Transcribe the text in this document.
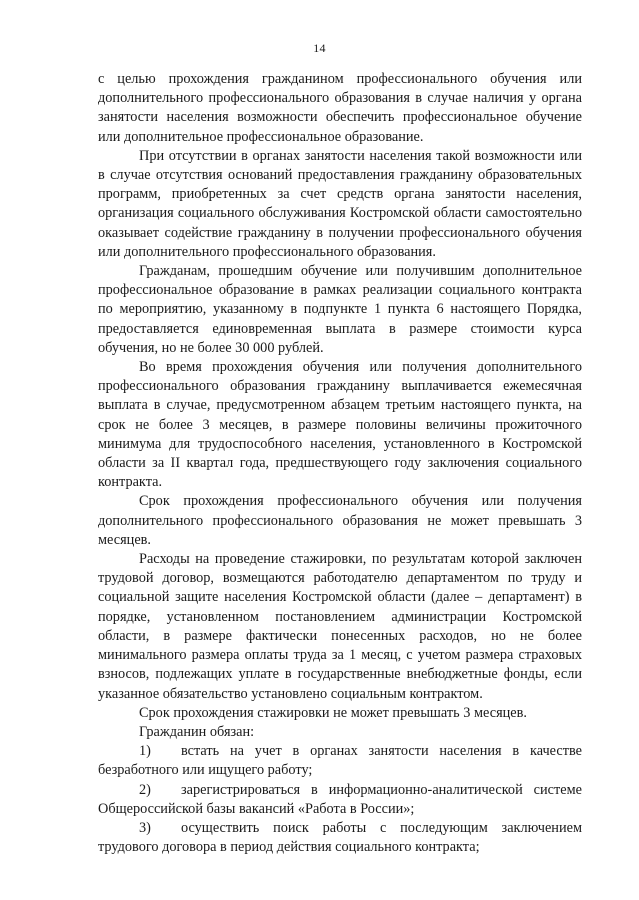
14

с целью прохождения гражданином профессионального обучения или дополнительного профессионального образования в случае наличия у органа занятости населения возможности обеспечить профессиональное обучение или дополнительное профессиональное образование.

При отсутствии в органах занятости населения такой возможности или в случае отсутствия оснований предоставления гражданину образовательных программ, приобретенных за счет средств органа занятости населения, организация социального обслуживания Костромской области самостоятельно оказывает содействие гражданину в получении профессионального обучения или дополнительного профессионального образования.

Гражданам, прошедшим обучение или получившим дополнительное профессиональное образование в рамках реализации социального контракта по мероприятию, указанному в подпункте 1 пункта 6 настоящего Порядка, предоставляется единовременная выплата в размере стоимости курса обучения, но не более 30 000 рублей.

Во время прохождения обучения или получения дополнительного профессионального образования гражданину выплачивается ежемесячная выплата в случае, предусмотренном абзацем третьим настоящего пункта, на срок не более 3 месяцев, в размере половины величины прожиточного минимума для трудоспособного населения, установленного в Костромской области за II квартал года, предшествующего году заключения социального контракта.

Срок прохождения профессионального обучения или получения дополнительного профессионального образования не может превышать 3 месяцев.

Расходы на проведение стажировки, по результатам которой заключен трудовой договор, возмещаются работодателю департаментом по труду и социальной защите населения Костромской области (далее – департамент) в порядке, установленном постановлением администрации Костромской области, в размере фактически понесенных расходов, но не более минимального размера оплаты труда за 1 месяц, с учетом размера страховых взносов, подлежащих уплате в государственные внебюджетные фонды, если указанное обязательство установлено социальным контрактом.

Срок прохождения стажировки не может превышать 3 месяцев.

Гражданин обязан:

1) встать на учет в органах занятости населения в качестве безработного или ищущего работу;

2) зарегистрироваться в информационно-аналитической системе Общероссийской базы вакансий «Работа в России»;

3) осуществить поиск работы с последующим заключением трудового договора в период действия социального контракта;
